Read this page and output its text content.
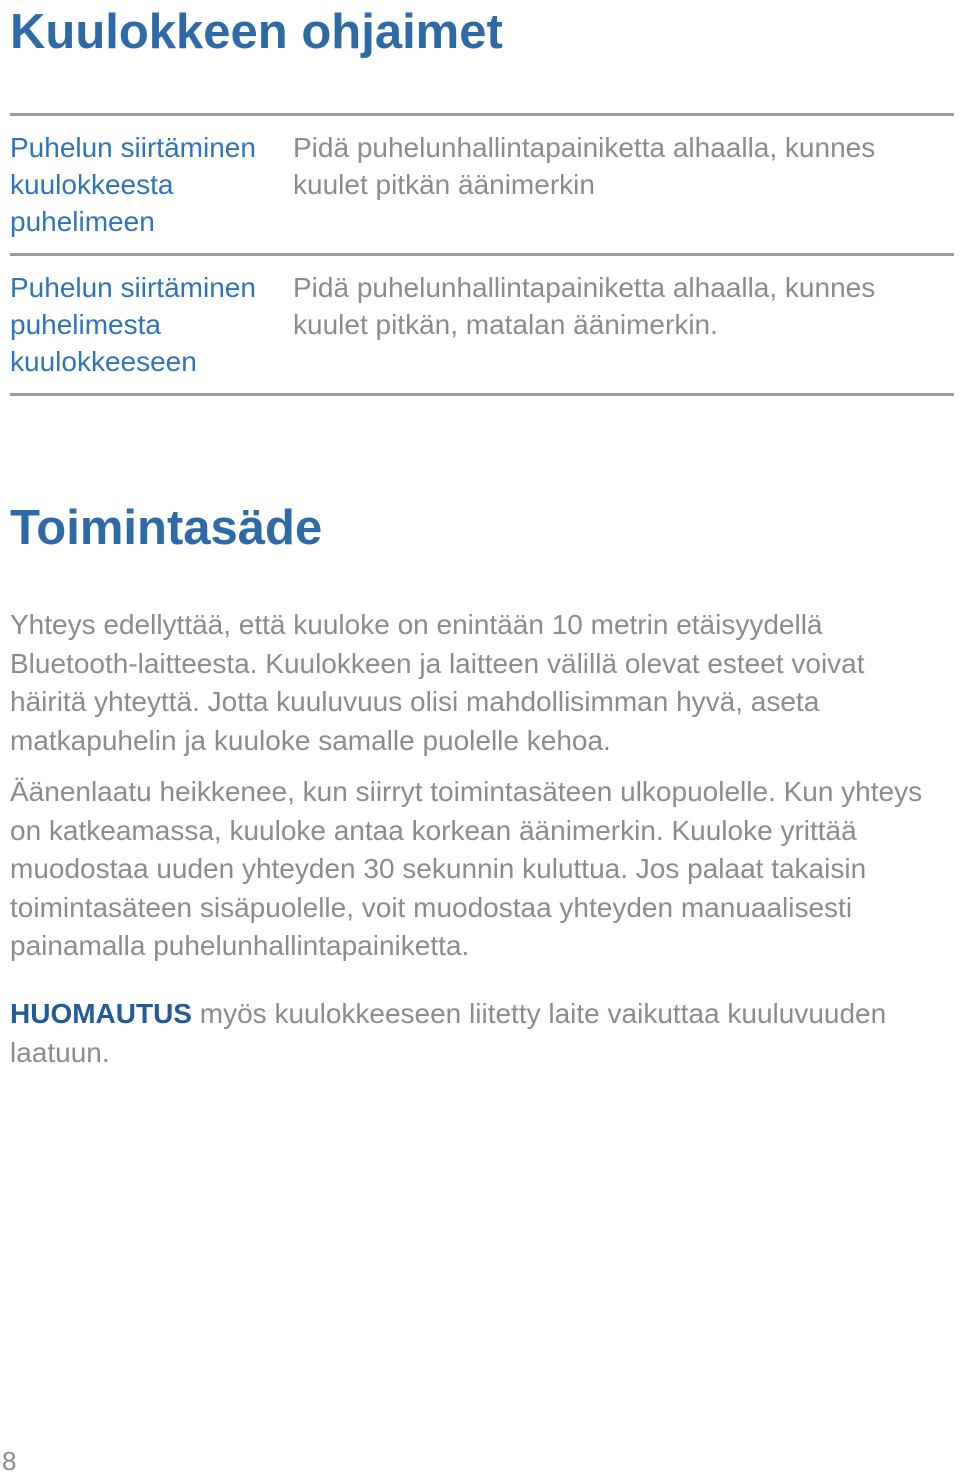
Kuulokkeen ohjaimet
Puhelun siirtäminen kuulokkeesta puhelimeen
Pidä puhelunhallintapainiketta alhaalla, kunnes kuulet pitkän äänimerkin
Puhelun siirtäminen puhelimesta kuulokkeeseen
Pidä puhelunhallintapainiketta alhaalla, kunnes kuulet pitkän, matalan äänimerkin.
Toimintasäde

Yhteys edellyttää, että kuuloke on enintään 10 metrin etäisyydellä Bluetooth-laitteesta. Kuulokkeen ja laitteen välillä olevat esteet voivat häiritä yhteyttä. Jotta kuuluvuus olisi mahdollisimman hyvä, aseta matkapuhelin ja kuuloke samalle puolelle kehoa.

Äänenlaatu heikkenee, kun siirryt toimintasäteen ulkopuolelle. Kun yhteys on katkeamassa, kuuloke antaa korkean äänimerkin. Kuuloke yrittää muodostaa uuden yhteyden 30 sekunnin kuluttua. Jos palaat takaisin toimintasäteen sisäpuolelle, voit muodostaa yhteyden manuaalisesti painamalla puhelunhallintapainiketta.

HUOMAUTUS myös kuulokkeeseen liitetty laite vaikuttaa kuuluvuuden laatuun.

8
